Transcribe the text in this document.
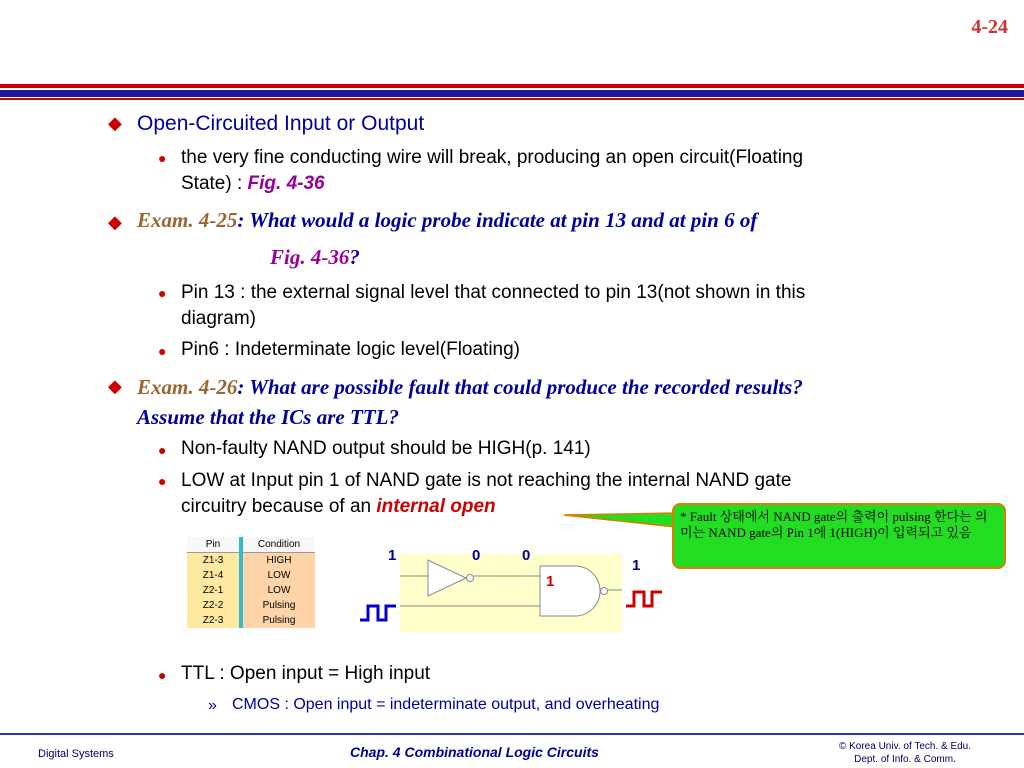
4-24
◆ Open-Circuited Input or Output
● the very fine conducting wire will break, producing an open circuit(Floating
State) : Fig. 4-36
◆ Exam. 4-25: What would a logic probe indicate at pin 13 and at pin 6 of
Fig. 4-36?
● Pin 13 : the external signal level that connected to pin 13(not shown in this
diagram)
● Pin6 : Indeterminate logic level(Floating)
◆ Exam. 4-26: What are possible fault that could produce the recorded results?
Assume that the ICs are TTL?
● Non-faulty NAND output should be HIGH(p. 141)
● LOW at Input pin 1 of NAND gate is not reaching the internal NAND gate
circuitry because of an internal open	* Fault 상태에서 NAND gate의 출력이 pulsing 한다는 의미는 NAND gate의 Pin 1에 1(HIGH)이 입력되고 있음
Pin		Condition
Z1-3		HIGH
Z1-4		LOW
Z2-1		LOW
Z2-2		Pulsing
Z2-3		Pulsing
1	0	0
1
1
● TTL : Open input = High input
» CMOS : Open input = indeterminate output, and overheating
Digital Systems	Chap. 4 Combinational Logic Circuits	© Korea Univ. of Tech. & Edu.
Dept. of Info. & Comm.
